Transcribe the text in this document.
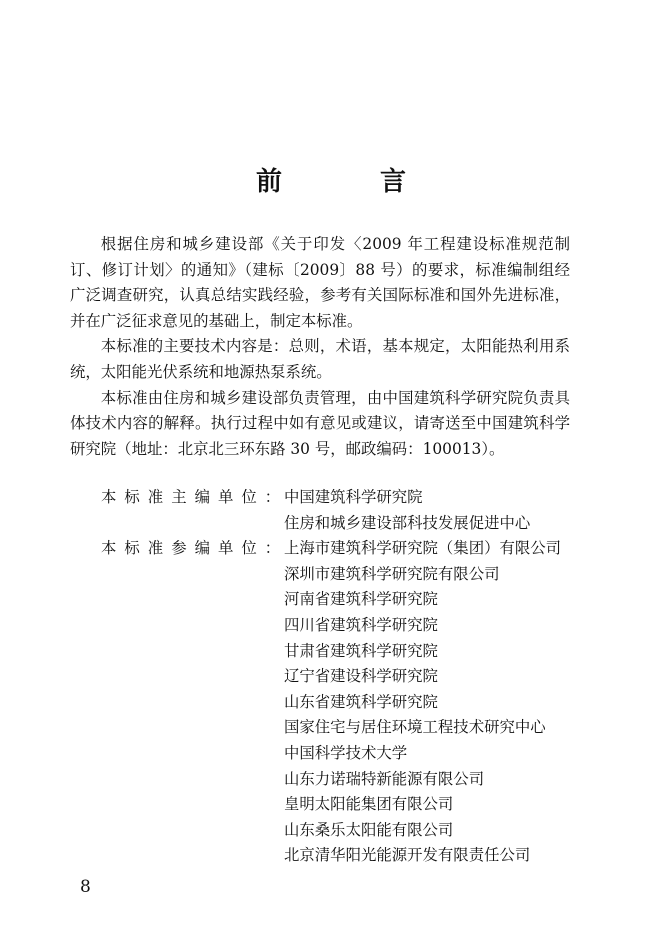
前　言

根据住房和城乡建设部《关于印发〈2009 年工程建设标准规范制订、修订计划〉的通知》（建标〔2009〕88 号）的要求，标准编制组经广泛调查研究，认真总结实践经验，参考有关国际标准和国外先进标准，并在广泛征求意见的基础上，制定本标准。

本标准的主要技术内容是：总则，术语，基本规定，太阳能热利用系统，太阳能光伏系统和地源热泵系统。

本标准由住房和城乡建设部负责管理，由中国建筑科学研究院负责具体技术内容的解释。执行过程中如有意见或建议，请寄送至中国建筑科学研究院（地址：北京北三环东路 30 号，邮政编码：100013）。

本标准主编单位： 中国建筑科学研究院
住房和城乡建设部科技发展促进中心
本标准参编单位： 上海市建筑科学研究院（集团）有限公司
深圳市建筑科学研究院有限公司
河南省建筑科学研究院
四川省建筑科学研究院
甘肃省建筑科学研究院
辽宁省建设科学研究院
山东省建筑科学研究院
国家住宅与居住环境工程技术研究中心
中国科学技术大学
山东力诺瑞特新能源有限公司
皇明太阳能集团有限公司
山东桑乐太阳能有限公司
北京清华阳光能源开发有限责任公司
8
